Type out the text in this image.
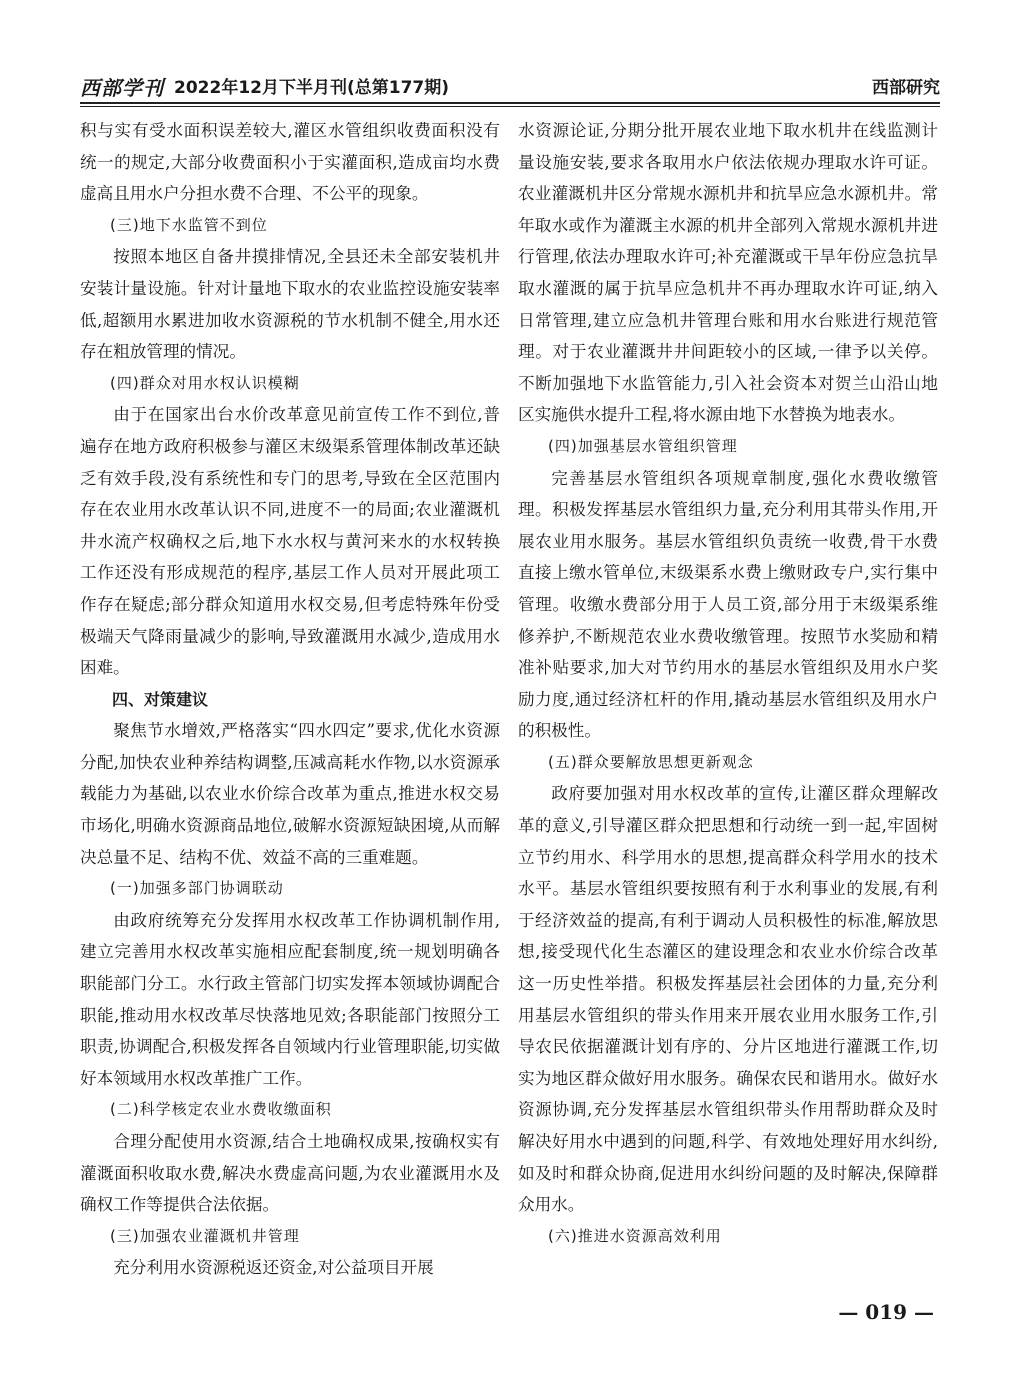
西部学刊 2022年12月下半月刊(总第177期)	西部研究

积与实有受水面积误差较大,灌区水管组织收费面积没有统一的规定,大部分收费面积小于实灌面积,造成亩均水费虚高且用水户分担水费不合理、不公平的现象。

(三)地下水监管不到位

按照本地区自备井摸排情况,全县还未全部安装机井安装计量设施。针对计量地下取水的农业监控设施安装率低,超额用水累进加收水资源税的节水机制不健全,用水还存在粗放管理的情况。

(四)群众对用水权认识模糊

由于在国家出台水价改革意见前宣传工作不到位,普遍存在地方政府积极参与灌区末级渠系管理体制改革还缺乏有效手段,没有系统性和专门的思考,导致在全区范围内存在农业用水改革认识不同,进度不一的局面;农业灌溉机井水流产权确权之后,地下水水权与黄河来水的水权转换工作还没有形成规范的程序,基层工作人员对开展此项工作存在疑虑;部分群众知道用水权交易,但考虑特殊年份受极端天气降雨量减少的影响,导致灌溉用水减少,造成用水困难。

四、对策建议

聚焦节水增效,严格落实“四水四定”要求,优化水资源分配,加快农业种养结构调整,压减高耗水作物,以水资源承载能力为基础,以农业水价综合改革为重点,推进水权交易市场化,明确水资源商品地位,破解水资源短缺困境,从而解决总量不足、结构不优、效益不高的三重难题。

(一)加强多部门协调联动

由政府统筹充分发挥用水权改革工作协调机制作用,建立完善用水权改革实施相应配套制度,统一规划明确各职能部门分工。水行政主管部门切实发挥本领域协调配合职能,推动用水权改革尽快落地见效;各职能部门按照分工职责,协调配合,积极发挥各自领域内行业管理职能,切实做好本领域用水权改革推广工作。

(二)科学核定农业水费收缴面积

合理分配使用水资源,结合土地确权成果,按确权实有灌溉面积收取水费,解决水费虚高问题,为农业灌溉用水及确权工作等提供合法依据。

(三)加强农业灌溉机井管理

充分利用水资源税返还资金,对公益项目开展

水资源论证,分期分批开展农业地下取水机井在线监测计量设施安装,要求各取用水户依法依规办理取水许可证。农业灌溉机井区分常规水源机井和抗旱应急水源机井。常年取水或作为灌溉主水源的机井全部列入常规水源机井进行管理,依法办理取水许可;补充灌溉或干旱年份应急抗旱取水灌溉的属于抗旱应急机井不再办理取水许可证,纳入日常管理,建立应急机井管理台账和用水台账进行规范管理。对于农业灌溉井井间距较小的区域,一律予以关停。不断加强地下水监管能力,引入社会资本对贺兰山沿山地区实施供水提升工程,将水源由地下水替换为地表水。

(四)加强基层水管组织管理

完善基层水管组织各项规章制度,强化水费收缴管理。积极发挥基层水管组织力量,充分利用其带头作用,开展农业用水服务。基层水管组织负责统一收费,骨干水费直接上缴水管单位,末级渠系水费上缴财政专户,实行集中管理。收缴水费部分用于人员工资,部分用于末级渠系维修养护,不断规范农业水费收缴管理。按照节水奖励和精准补贴要求,加大对节约用水的基层水管组织及用水户奖励力度,通过经济杠杆的作用,撬动基层水管组织及用水户的积极性。

(五)群众要解放思想更新观念

政府要加强对用水权改革的宣传,让灌区群众理解改革的意义,引导灌区群众把思想和行动统一到一起,牢固树立节约用水、科学用水的思想,提高群众科学用水的技术水平。基层水管组织要按照有利于水利事业的发展,有利于经济效益的提高,有利于调动人员积极性的标准,解放思想,接受现代化生态灌区的建设理念和农业水价综合改革这一历史性举措。积极发挥基层社会团体的力量,充分利用基层水管组织的带头作用来开展农业用水服务工作,引导农民依据灌溉计划有序的、分片区地进行灌溉工作,切实为地区群众做好用水服务。确保农民和谐用水。做好水资源协调,充分发挥基层水管组织带头作用帮助群众及时解决好用水中遇到的问题,科学、有效地处理好用水纠纷,如及时和群众协商,促进用水纠纷问题的及时解决,保障群众用水。

(六)推进水资源高效利用

— 019 —
